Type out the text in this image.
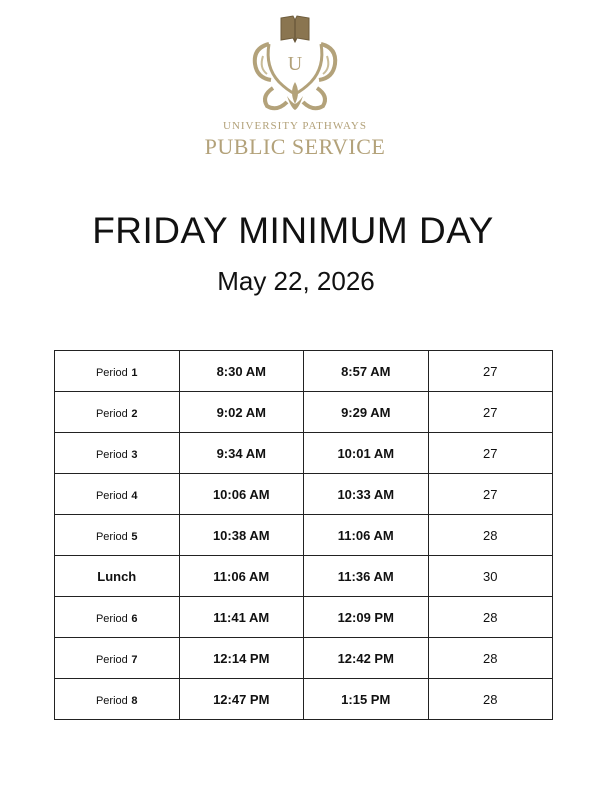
U
UNIVERSITY PATHWAYS
PUBLIC SERVICE
FRIDAY MINIMUM DAY
May 22, 2026
Period 1	8:30 AM	8:57 AM	27
Period 2	9:02 AM	9:29 AM	27
Period 3	9:34 AM	10:01 AM	27
Period 4	10:06 AM	10:33 AM	27
Period 5	10:38 AM	11:06 AM	28
Lunch	11:06 AM	11:36 AM	30
Period 6	11:41 AM	12:09 PM	28
Period 7	12:14 PM	12:42 PM	28
Period 8	12:47 PM	1:15 PM	28
